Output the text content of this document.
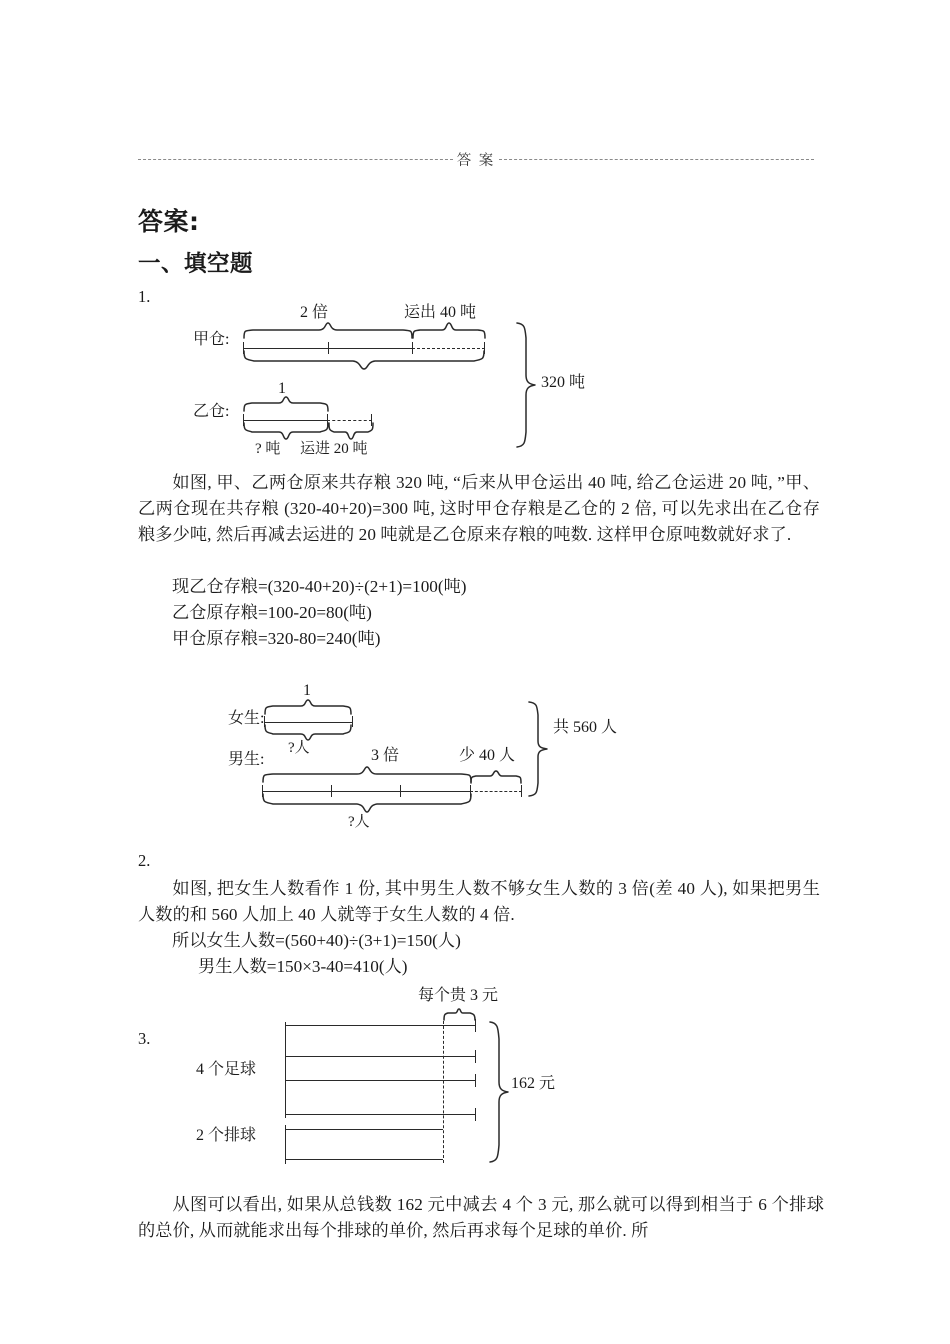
答 案
答案:
一、填空题
1.
甲仓:
2 倍	运出 40 吨
乙仓:
1
? 吨 运进 20 吨
320 吨
如图, 甲、乙两仓原来共存粮 320 吨, “后来从甲仓运出 40 吨, 给乙仓运进 20 吨, ”甲、乙两仓现在共存粮 (320-40+20)=300 吨, 这时甲仓存粮是乙仓的 2 倍, 可以先求出在乙仓存粮多少吨, 然后再减去运进的 20 吨就是乙仓原来存粮的吨数. 这样甲仓原吨数就好求了.
现乙仓存粮=(320-40+20)÷(2+1)=100(吨)
乙仓原存粮=100-20=80(吨)
甲仓原存粮=320-80=240(吨)
女生:
男生:
1
?人	3 倍	少 40 人
?人
共 560 人
2.
如图, 把女生人数看作 1 份, 其中男生人数不够女生人数的 3 倍(差 40 人), 如果把男生人数的和 560 人加上 40 人就等于女生人数的 4 倍.
所以女生人数=(560+40)÷(3+1)=150(人)
男生人数=150×3-40=410(人)
3.
每个贵 3 元
4 个足球
2 个排球
162 元
从图可以看出, 如果从总钱数 162 元中减去 4 个 3 元, 那么就可以得到相当于 6 个排球的总价, 从而就能求出每个排球的单价, 然后再求每个足球的单价. 所
